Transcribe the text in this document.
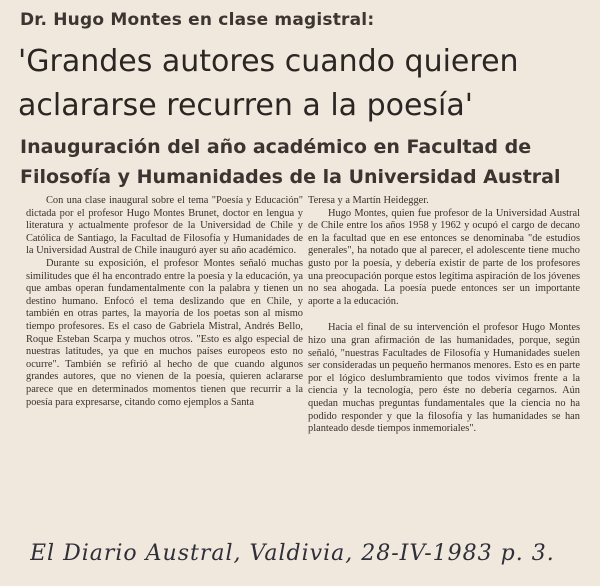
Dr. Hugo Montes en clase magistral:
'Grandes autores cuando quieren aclararse recurren a la poesía'
Inauguración del año académico en Facultad de Filosofía y Humanidades de la Universidad Austral

Con una clase inaugural sobre el tema "Poesía y Educación" dictada por el profesor Hugo Montes Brunet, doctor en lengua y literatura y actualmente profesor de la Universidad de Chile y Católica de Santiago, la Facultad de Filosofía y Humanidades de la Universidad Austral de Chile inauguró ayer su año académico.

Durante su exposición, el profesor Montes señaló muchas similitudes que él ha encontrado entre la poesía y la educación, ya que ambas operan fundamentalmente con la palabra y tienen un destino humano. Enfocó el tema deslizando que en Chile, y también en otras partes, la mayoría de los poetas son al mismo tiempo profesores. Es el caso de Gabriela Mistral, Andrés Bello, Roque Esteban Scarpa y muchos otros. "Esto es algo especial de nuestras latitudes, ya que en muchos países europeos esto no ocurre". También se refirió al hecho de que cuando algunos grandes autores, que no vienen de la poesía, quieren aclararse parece que en determinados momentos tienen que recurrir a la poesía para expresarse, citando como ejemplos a Santa

Teresa y a Martín Heidegger.

Hugo Montes, quien fue profesor de la Universidad Austral de Chile entre los años 1958 y 1962 y ocupó el cargo de decano en la facultad que en ese entonces se denominaba "de estudios generales", ha notado que al parecer, el adolescente tiene mucho gusto por la poesía, y debería existir de parte de los profesores una preocupación porque estos legítima aspiración de los jóvenes no sea ahogada. La poesía puede entonces ser un importante aporte a la educación.

Hacia el final de su intervención el profesor Hugo Montes hizo una gran afirmación de las humanidades, porque, según señaló, "nuestras Facultades de Filosofía y Humanidades suelen ser consideradas un pequeño hermanos menores. Esto es en parte por el lógico deslumbramiento que todos vivimos frente a la ciencia y la tecnología, pero éste no debería cegarnos. Aún quedan muchas preguntas fundamentales que la ciencia no ha podido responder y que la filosofía y las humanidades se han planteado desde tiempos inmemoriales".

El Diario Austral, Valdivia, 28-IV-1983 p. 3.
